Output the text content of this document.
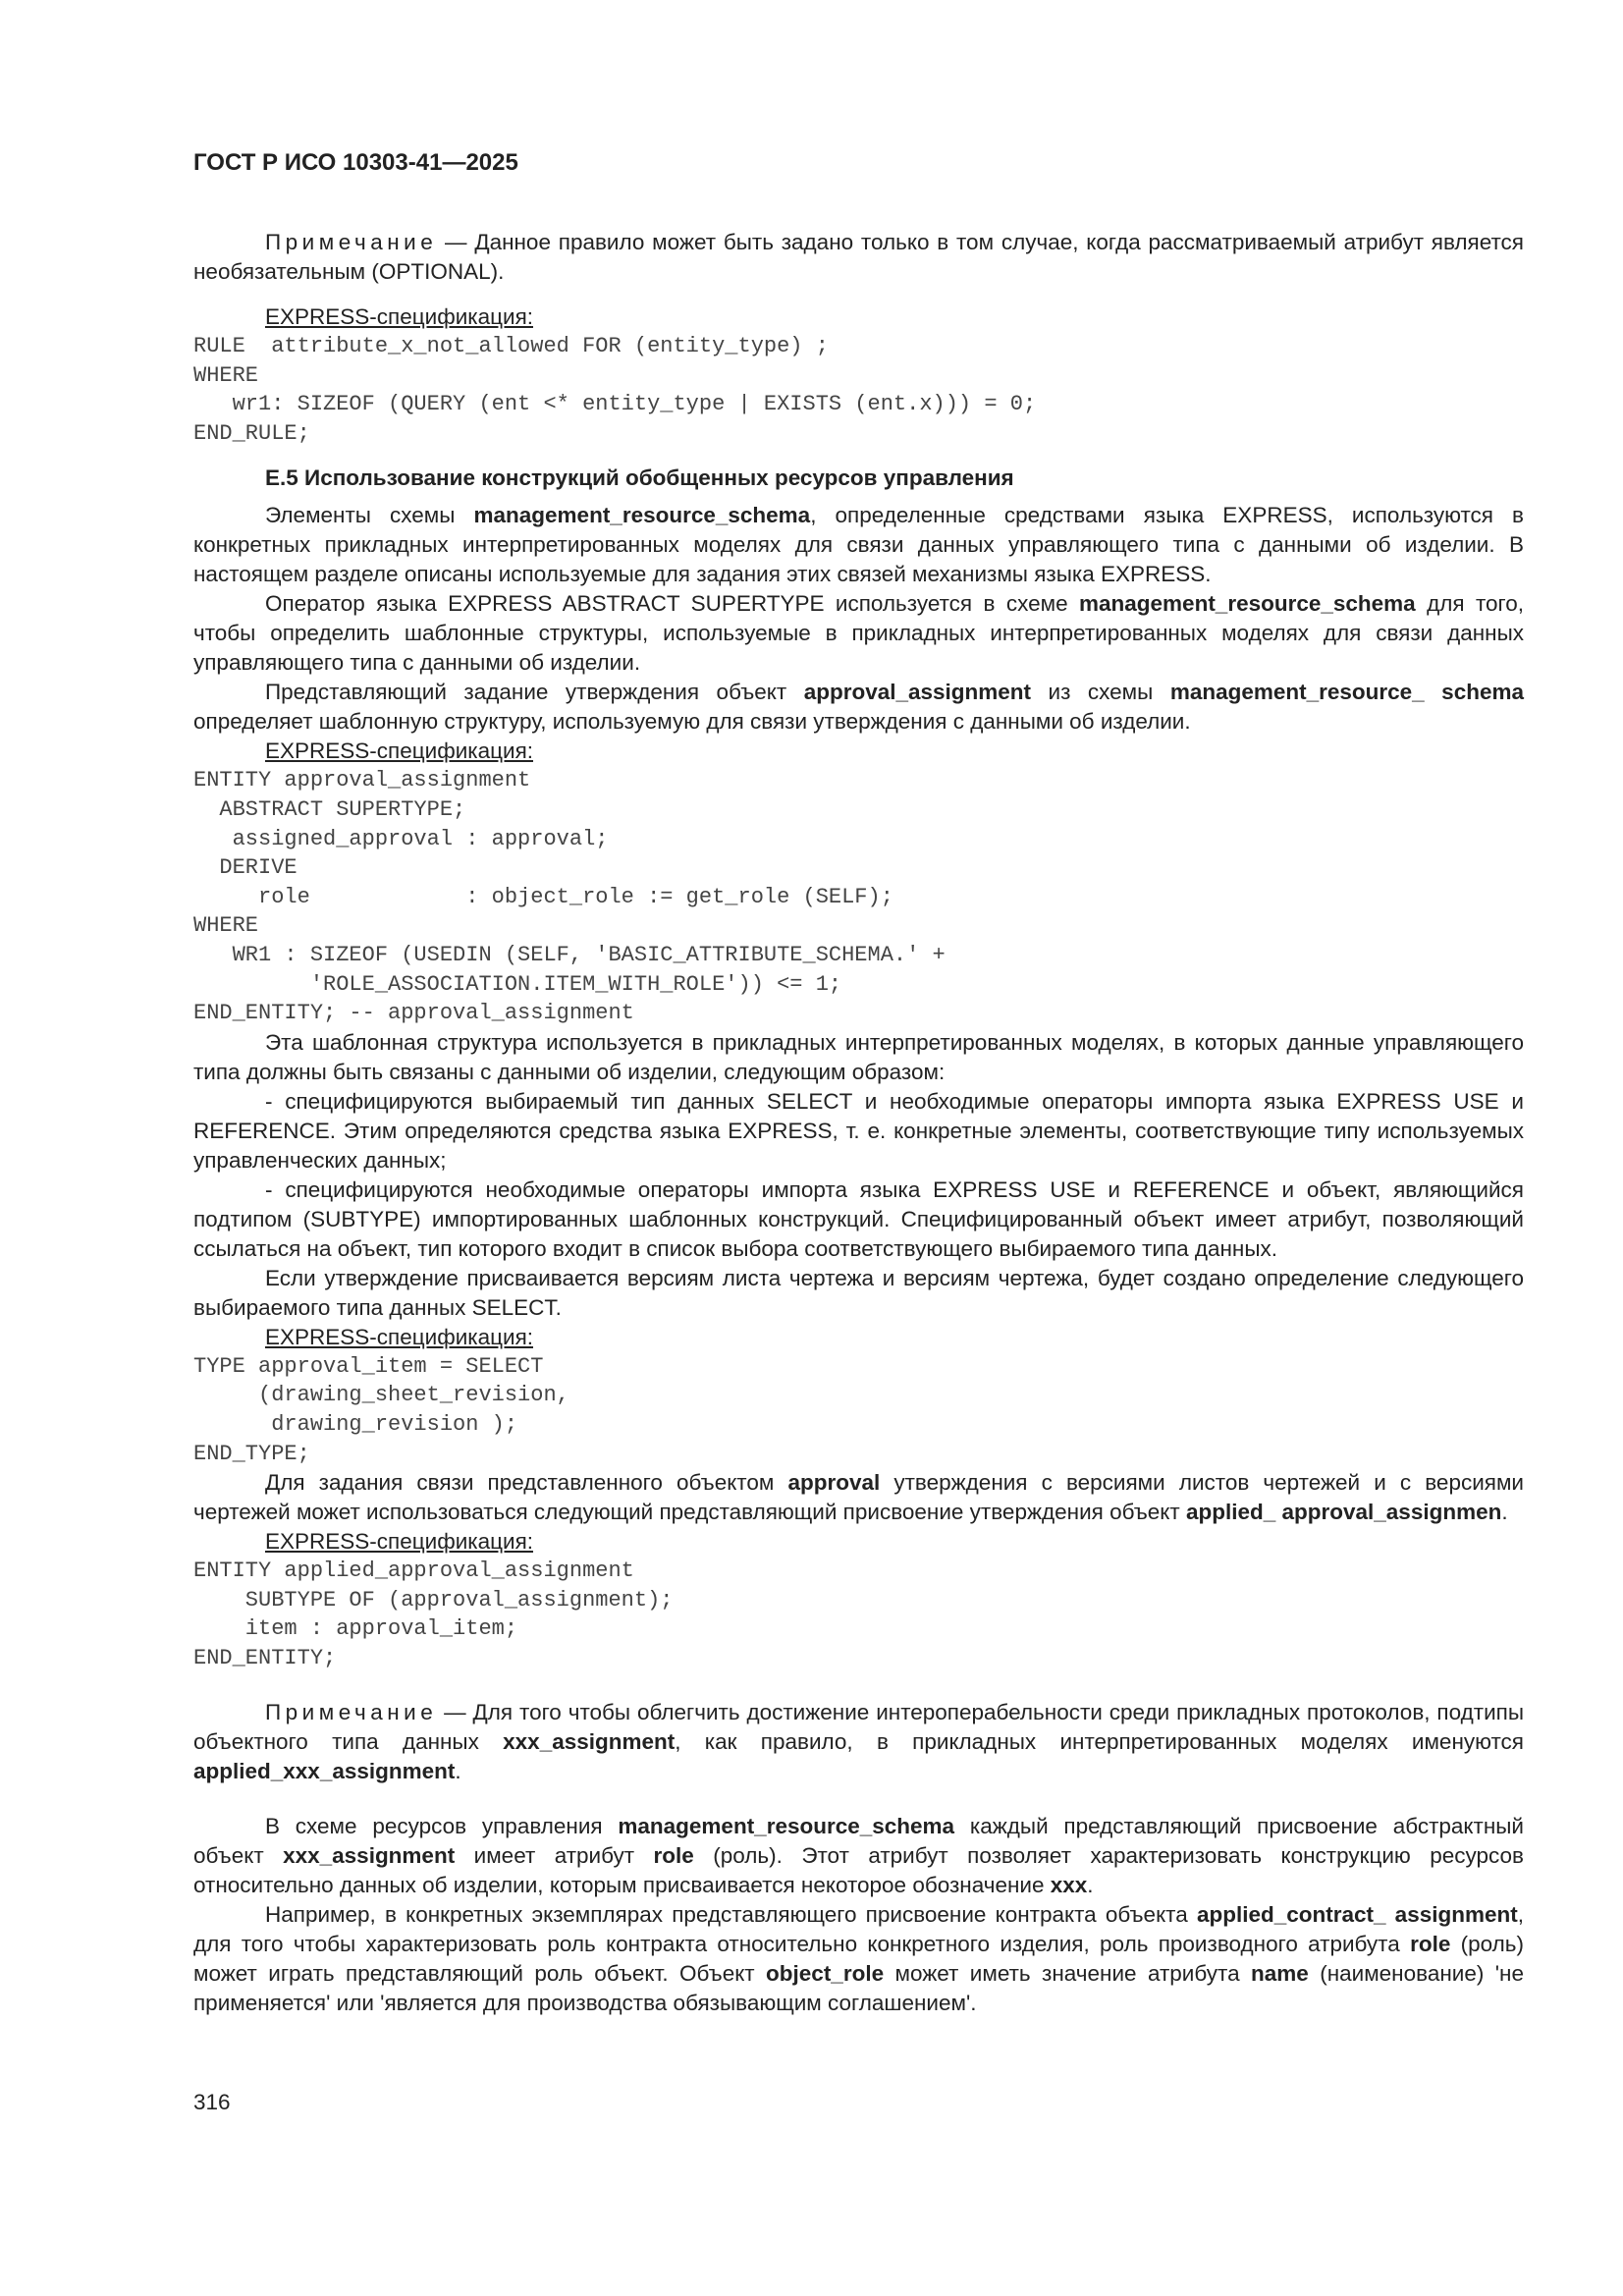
ГОСТ Р ИСО 10303-41—2025

Примечание — Данное правило может быть задано только в том случае, когда рассматриваемый атрибут является необязательным (OPTIONAL).

EXPRESS-спецификация:

RULE  attribute_x_not_allowed FOR (entity_type) ;
WHERE
wr1: SIZEOF (QUERY (ent <* entity_type | EXISTS (ent.x))) = 0;
END_RULE;
E.5 Использование конструкций обобщенных ресурсов управления

Элементы схемы management_resource_schema, определенные средствами языка EXPRESS, используются в конкретных прикладных интерпретированных моделях для связи данных управляющего типа с данными об изделии. В настоящем разделе описаны используемые для задания этих связей механизмы языка EXPRESS.

Оператор языка EXPRESS ABSTRACT SUPERTYPE используется в схеме management_resource_schema для того, чтобы определить шаблонные структуры, используемые в прикладных интерпретированных моделях для связи данных управляющего типа с данными об изделии.

Представляющий задание утверждения объект approval_assignment из схемы management_resource_ schema определяет шаблонную структуру, используемую для связи утверждения с данными об изделии.

EXPRESS-спецификация:

ENTITY approval_assignment
ABSTRACT SUPERTYPE;
assigned_approval : approval;
DERIVE
role            : object_role := get_role (SELF);
WHERE
WR1 : SIZEOF (USEDIN (SELF, 'BASIC_ATTRIBUTE_SCHEMA.' +
'ROLE_ASSOCIATION.ITEM_WITH_ROLE')) <= 1;
END_ENTITY; -- approval_assignment

Эта шаблонная структура используется в прикладных интерпретированных моделях, в которых данные управляющего типа должны быть связаны с данными об изделии, следующим образом:

- специфицируются выбираемый тип данных SELECT и необходимые операторы импорта языка EXPRESS USE и REFERENCE. Этим определяются средства языка EXPRESS, т. е. конкретные элементы, соответствующие типу используемых управленческих данных;

- специфицируются необходимые операторы импорта языка EXPRESS USE и REFERENCE и объект, являющийся подтипом (SUBTYPE) импортированных шаблонных конструкций. Специфицированный объект имеет атрибут, позволяющий ссылаться на объект, тип которого входит в список выбора соответствующего выбираемого типа данных.

Если утверждение присваивается версиям листа чертежа и версиям чертежа, будет создано определение следующего выбираемого типа данных SELECT.

EXPRESS-спецификация:

TYPE approval_item = SELECT
(drawing_sheet_revision,
drawing_revision );
END_TYPE;

Для задания связи представленного объектом approval утверждения с версиями листов чертежей и с версиями чертежей может использоваться следующий представляющий присвоение утверждения объект applied_ approval_assignmen.

EXPRESS-спецификация:

ENTITY applied_approval_assignment
SUBTYPE OF (approval_assignment);
item : approval_item;
END_ENTITY;

Примечание — Для того чтобы облегчить достижение интероперабельности среди прикладных протоколов, подтипы объектного типа данных xxx_assignment, как правило, в прикладных интерпретированных моделях именуются applied_xxx_assignment.

В схеме ресурсов управления management_resource_schema каждый представляющий присвоение абстрактный объект xxx_assignment имеет атрибут role (роль). Этот атрибут позволяет характеризовать конструкцию ресурсов относительно данных об изделии, которым присваивается некоторое обозначение xxx.

Например, в конкретных экземплярах представляющего присвоение контракта объекта applied_contract_ assignment, для того чтобы характеризовать роль контракта относительно конкретного изделия, роль производного атрибута role (роль) может играть представляющий роль объект. Объект object_role может иметь значение атрибута name (наименование) 'не применяется' или 'является для производства обязывающим соглашением'.

316
